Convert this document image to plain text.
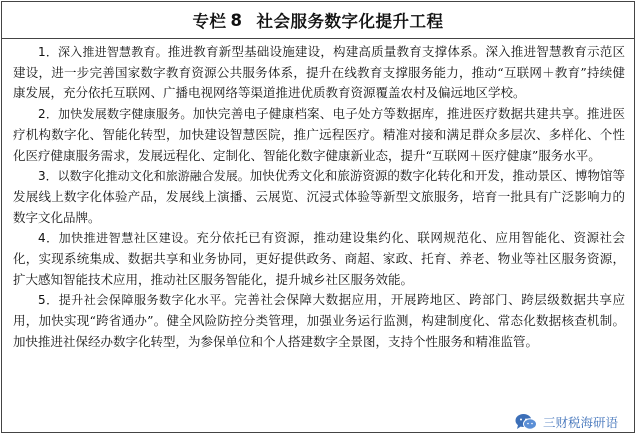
专栏 8 社会服务数字化提升工程

1．深入推进智慧教育。推进教育新型基础设施建设，构建高质量教育支撑体系。深入推进智慧教育示范区建设，进一步完善国家数字教育资源公共服务体系，提升在线教育支撑服务能力，推动“互联网＋教育”持续健康发展，充分依托互联网、广播电视网络等渠道推进优质教育资源覆盖农村及偏远地区学校。

2．加快发展数字健康服务。加快完善电子健康档案、电子处方等数据库，推进医疗数据共建共享。推进医疗机构数字化、智能化转型，加快建设智慧医院，推广远程医疗。精准对接和满足群众多层次、多样化、个性化医疗健康服务需求，发展远程化、定制化、智能化数字健康新业态，提升“互联网＋医疗健康”服务水平。

3．以数字化推动文化和旅游融合发展。加快优秀文化和旅游资源的数字化转化和开发，推动景区、博物馆等发展线上数字化体验产品，发展线上演播、云展览、沉浸式体验等新型文旅服务，培育一批具有广泛影响力的数字文化品牌。

4．加快推进智慧社区建设。充分依托已有资源，推动建设集约化、联网规范化、应用智能化、资源社会化，实现系统集成、数据共享和业务协同，更好提供政务、商超、家政、托育、养老、物业等社区服务资源，扩大感知智能技术应用，推动社区服务智能化，提升城乡社区服务效能。

5．提升社会保障服务数字化水平。完善社会保障大数据应用，开展跨地区、跨部门、跨层级数据共享应用，加快实现“跨省通办”。健全风险防控分类管理，加强业务运行监测，构建制度化、常态化数据核查机制。加快推进社保经办数字化转型，为参保单位和个人搭建数字全景图，支持个性服务和精准监管。

三财税海研语
